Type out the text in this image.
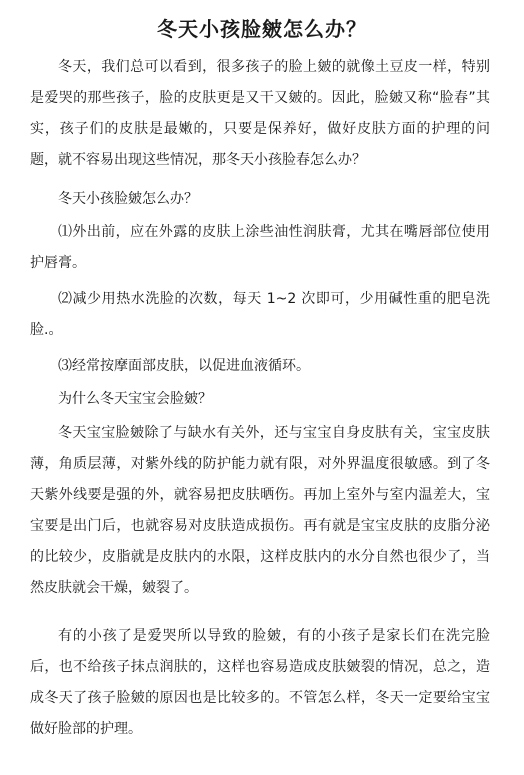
冬天小孩脸皴怎么办？

冬天，我们总可以看到，很多孩子的脸上皴的就像土豆皮一样，特别是爱哭的那些孩子，脸的皮肤更是又干又皴的。因此，脸皴又称“脸春”其实，孩子们的皮肤是最嫩的，只要是保养好，做好皮肤方面的护理的问题，就不容易出现这些情况，那冬天小孩脸春怎么办？

冬天小孩脸皴怎么办？

⑴外出前，应在外露的皮肤上涂些油性润肤膏，尤其在嘴唇部位使用护唇膏。

⑵减少用热水洗脸的次数，每天 1~2 次即可，少用碱性重的肥皂洗脸.。

⑶经常按摩面部皮肤，以促进血液循环。

为什么冬天宝宝会脸皴？

冬天宝宝脸皴除了与缺水有关外，还与宝宝自身皮肤有关，宝宝皮肤薄，角质层薄，对紫外线的防护能力就有限，对外界温度很敏感。到了冬天紫外线要是强的外，就容易把皮肤晒伤。再加上室外与室内温差大，宝宝要是出门后，也就容易对皮肤造成损伤。再有就是宝宝皮肤的皮脂分泌的比较少，皮脂就是皮肤内的水限，这样皮肤内的水分自然也很少了，当然皮肤就会干燥，皴裂了。

有的小孩了是爱哭所以导致的脸皴，有的小孩子是家长们在洗完脸后，也不给孩子抹点润肤的，这样也容易造成皮肤皴裂的情况，总之，造成冬天了孩子脸皴的原因也是比较多的。不管怎么样，冬天一定要给宝宝做好脸部的护理。
